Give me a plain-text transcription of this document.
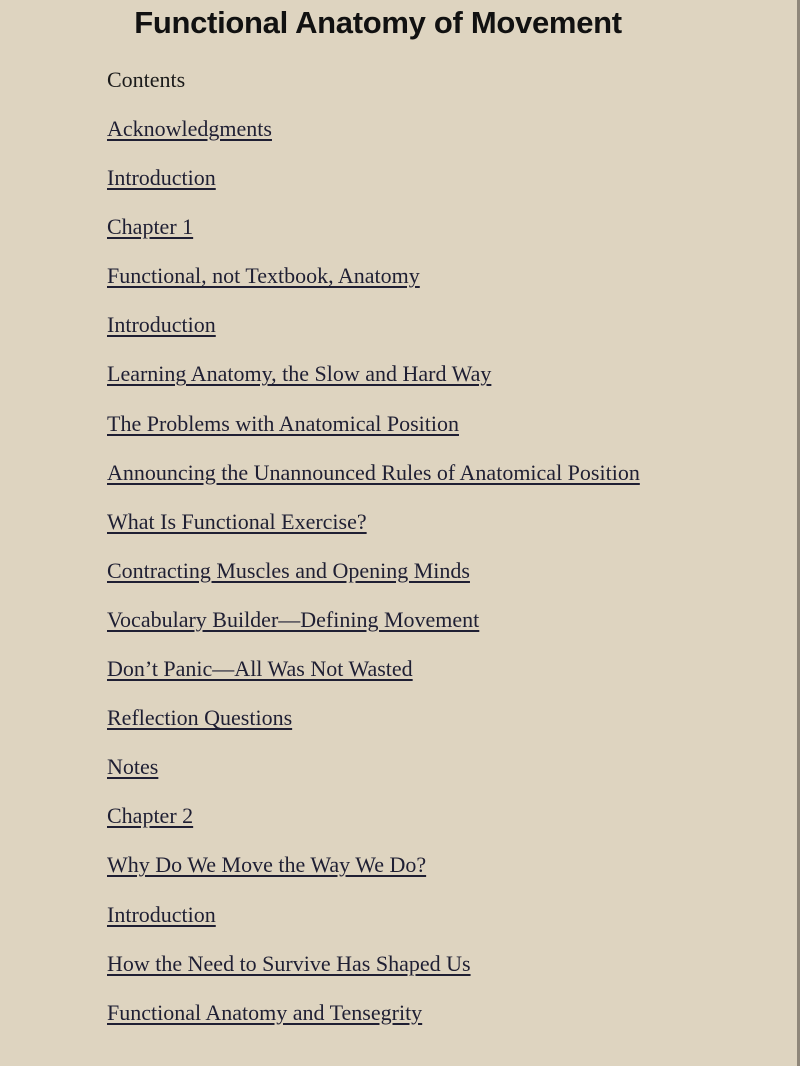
Functional Anatomy of Movement
Contents
Acknowledgments
Introduction
Chapter 1
Functional, not Textbook, Anatomy
Introduction
Learning Anatomy, the Slow and Hard Way
The Problems with Anatomical Position
Announcing the Unannounced Rules of Anatomical Position
What Is Functional Exercise?
Contracting Muscles and Opening Minds
Vocabulary Builder—Defining Movement
Don’t Panic—All Was Not Wasted
Reflection Questions
Notes
Chapter 2
Why Do We Move the Way We Do?
Introduction
How the Need to Survive Has Shaped Us
Functional Anatomy and Tensegrity
